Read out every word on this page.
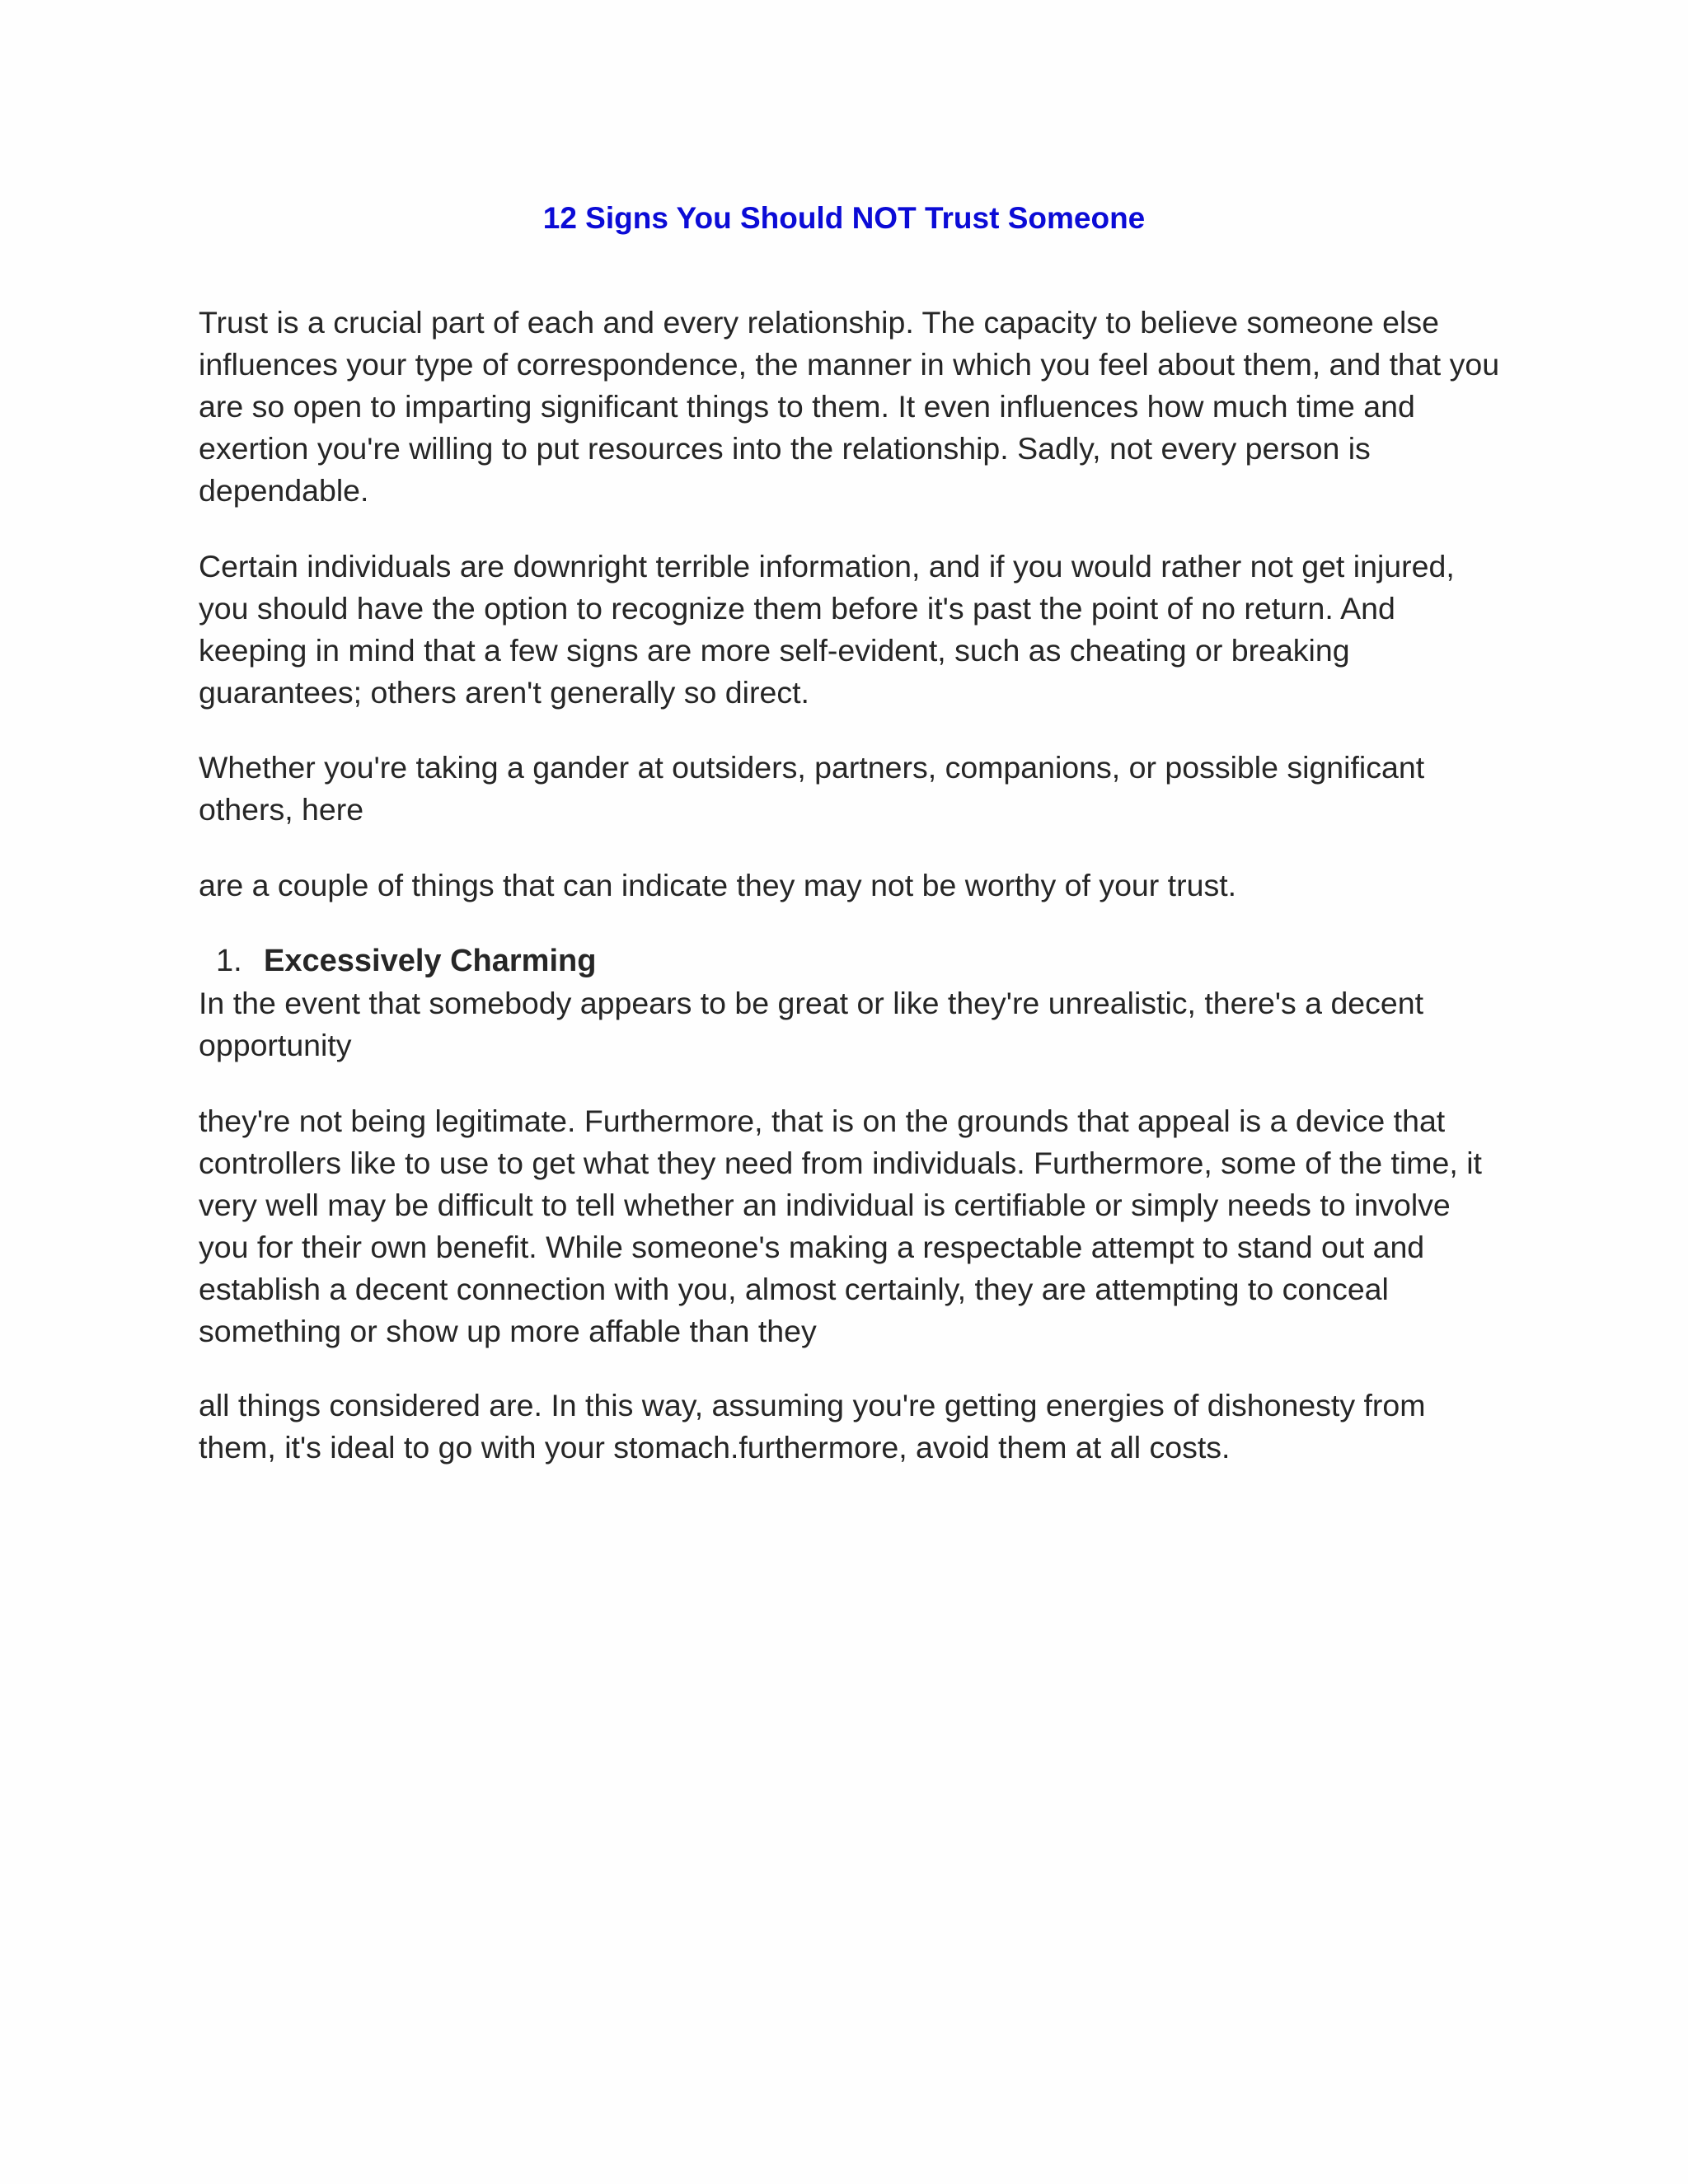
12 Signs You Should NOT Trust Someone

Trust is a crucial part of each and every relationship. The capacity to believe someone else influences your type of correspondence, the manner in which you feel about them, and that you are so open to imparting significant things to them. It even influences how much time and exertion you're willing to put resources into the relationship. Sadly, not every person is dependable.

Certain individuals are downright terrible information, and if you would rather not get injured, you should have the option to recognize them before it's past the point of no return. And keeping in mind that a few signs are more self-evident, such as cheating or breaking guarantees; others aren't generally so direct.

Whether you're taking a gander at outsiders, partners, companions, or possible significant others, here

are a couple of things that can indicate they may not be worthy of your trust.

1. Excessively Charming

In the event that somebody appears to be great or like they're unrealistic, there's a decent opportunity

they're not being legitimate. Furthermore, that is on the grounds that appeal is a device that controllers like to use to get what they need from individuals. Furthermore, some of the time, it very well may be difficult to tell whether an individual is certifiable or simply needs to involve you for their own benefit. While someone's making a respectable attempt to stand out and establish a decent connection with you, almost certainly, they are attempting to conceal something or show up more affable than they

all things considered are. In this way, assuming you're getting energies of dishonesty from them, it's ideal to go with your stomach.furthermore, avoid them at all costs.
